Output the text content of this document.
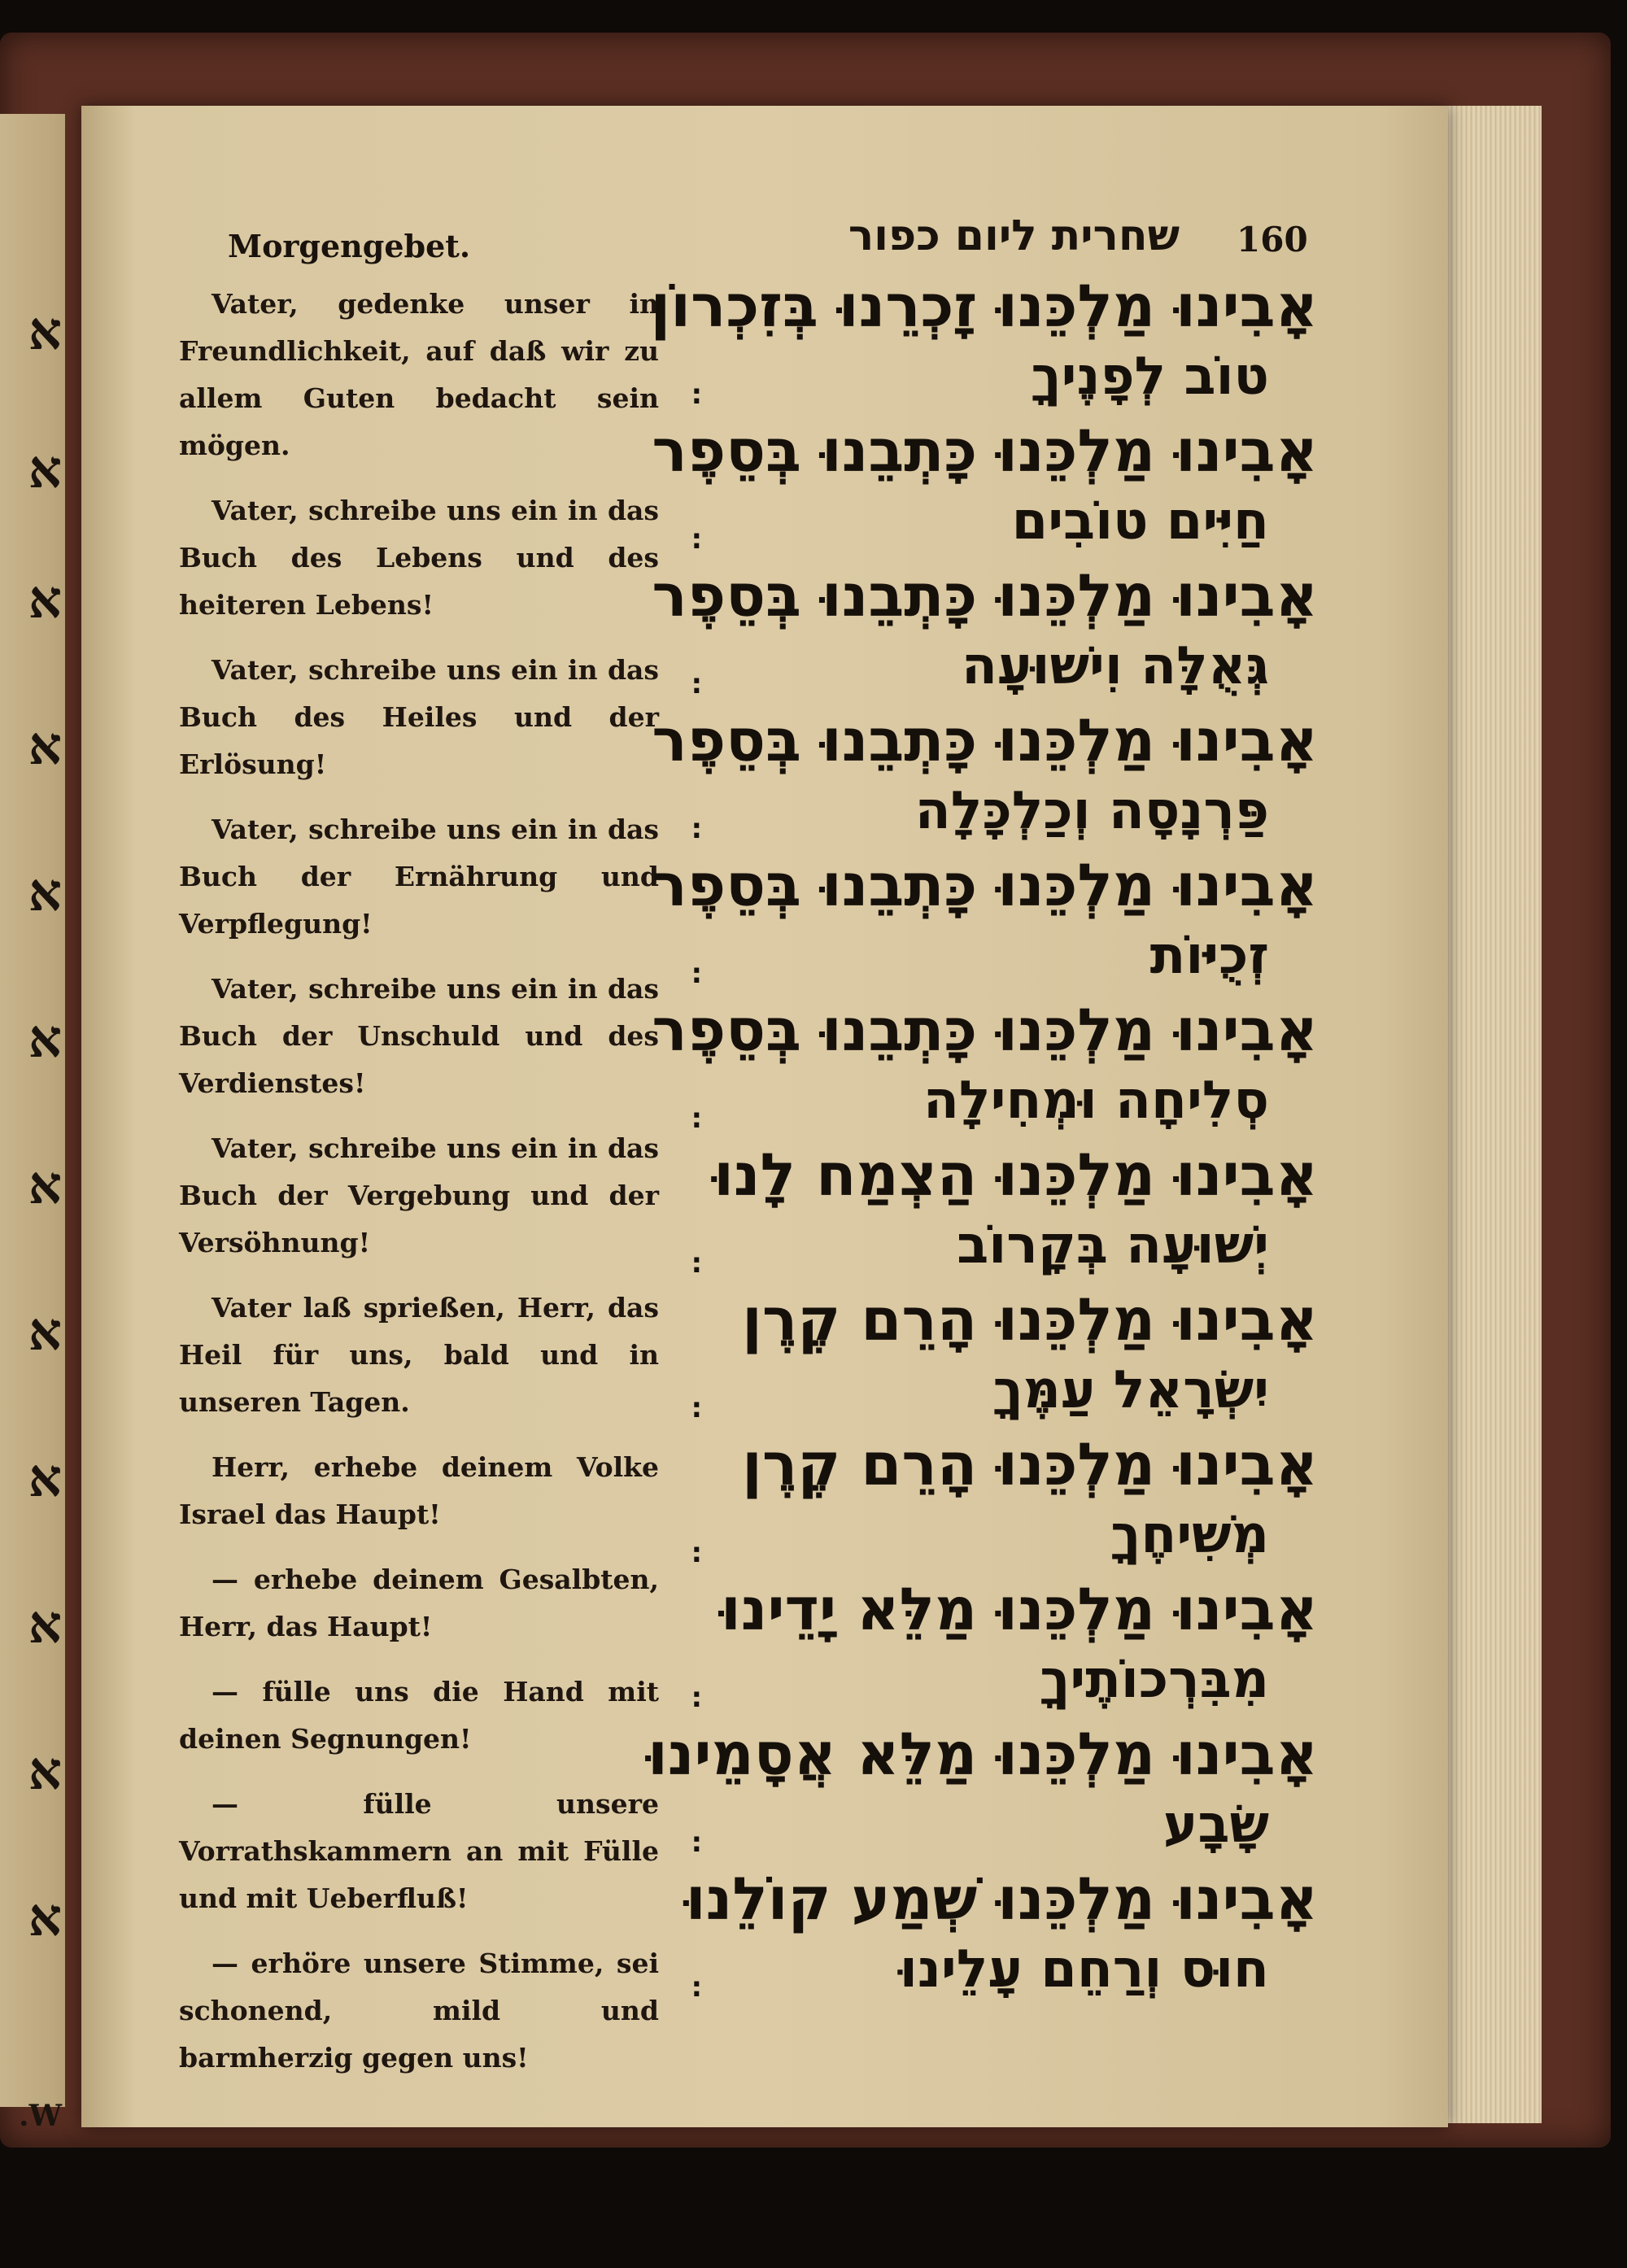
א
א
א
א
א
א
א
א
א
א
א
א
W.
Morgengebet.	שחרית ליום כפור 160

Vater, gedenke unser in Freundlichkeit, auf daß wir zu allem Guten bedacht sein mögen.

Vater, schreibe uns ein in das Buch des Lebens und des heiteren Lebens!

Vater, schreibe uns ein in das Buch des Heiles und der Erlösung!

Vater, schreibe uns ein in das Buch der Ernährung und Verpflegung!

Vater, schreibe uns ein in das Buch der Unschuld und des Verdienstes!

Vater, schreibe uns ein in das Buch der Vergebung und der Versöhnung!

Vater laß sprießen, Herr, das Heil für uns, bald und in unseren Tagen.

Herr, erhebe deinem Volke Israel das Haupt!

— erhebe deinem Gesalbten, Herr, das Haupt!

— fülle uns die Hand mit deinen Segnungen!

— fülle unsere Vorrathskammern an mit Fülle und mit Ueberfluß!

— erhöre unsere Stimme, sei schonend, mild und barmherzig gegen uns!

אָבִינוּ מַלְכֵּנוּ זָכְרֵנוּ בְּזִכְרוֹן
טוֹב לְפָנֶיךָ
׃
אָבִינוּ מַלְכֵּנוּ כָּתְבֵנוּ בְּסֵפֶר
חַיִּים טוֹבִים
׃
אָבִינוּ מַלְכֵּנוּ כָּתְבֵנוּ בְּסֵפֶר
גְּאֻלָּה וִישׁוּעָה
׃
אָבִינוּ מַלְכֵּנוּ כָּתְבֵנוּ בְּסֵפֶר
פַּרְנָסָה וְכַלְכָּלָה
׃
אָבִינוּ מַלְכֵּנוּ כָּתְבֵנוּ בְּסֵפֶר
זְכֻיּוֹת
׃
אָבִינוּ מַלְכֵּנוּ כָּתְבֵנוּ בְּסֵפֶר
סְלִיחָה וּמְחִילָה
׃
אָבִינוּ מַלְכֵּנוּ הַצְמַח לָנוּ
יְשׁוּעָה בְּקָרוֹב
׃
אָבִינוּ מַלְכֵּנוּ הָרֵם קֶרֶן
יִשְׂרָאֵל עַמֶּךָ
׃
אָבִינוּ מַלְכֵּנוּ הָרֵם קֶרֶן
מְשִׁיחֶךָ
׃
אָבִינוּ מַלְכֵּנוּ מַלֵּא יָדֵינוּ
מִבִּרְכוֹתֶיךָ
׃
אָבִינוּ מַלְכֵּנוּ מַלֵּא אֲסָמֵינוּ
שָׂבָע
׃
אָבִינוּ מַלְכֵּנוּ שְׁמַע קוֹלֵנוּ
חוּס וְרַחֵם עָלֵינוּ
׃
